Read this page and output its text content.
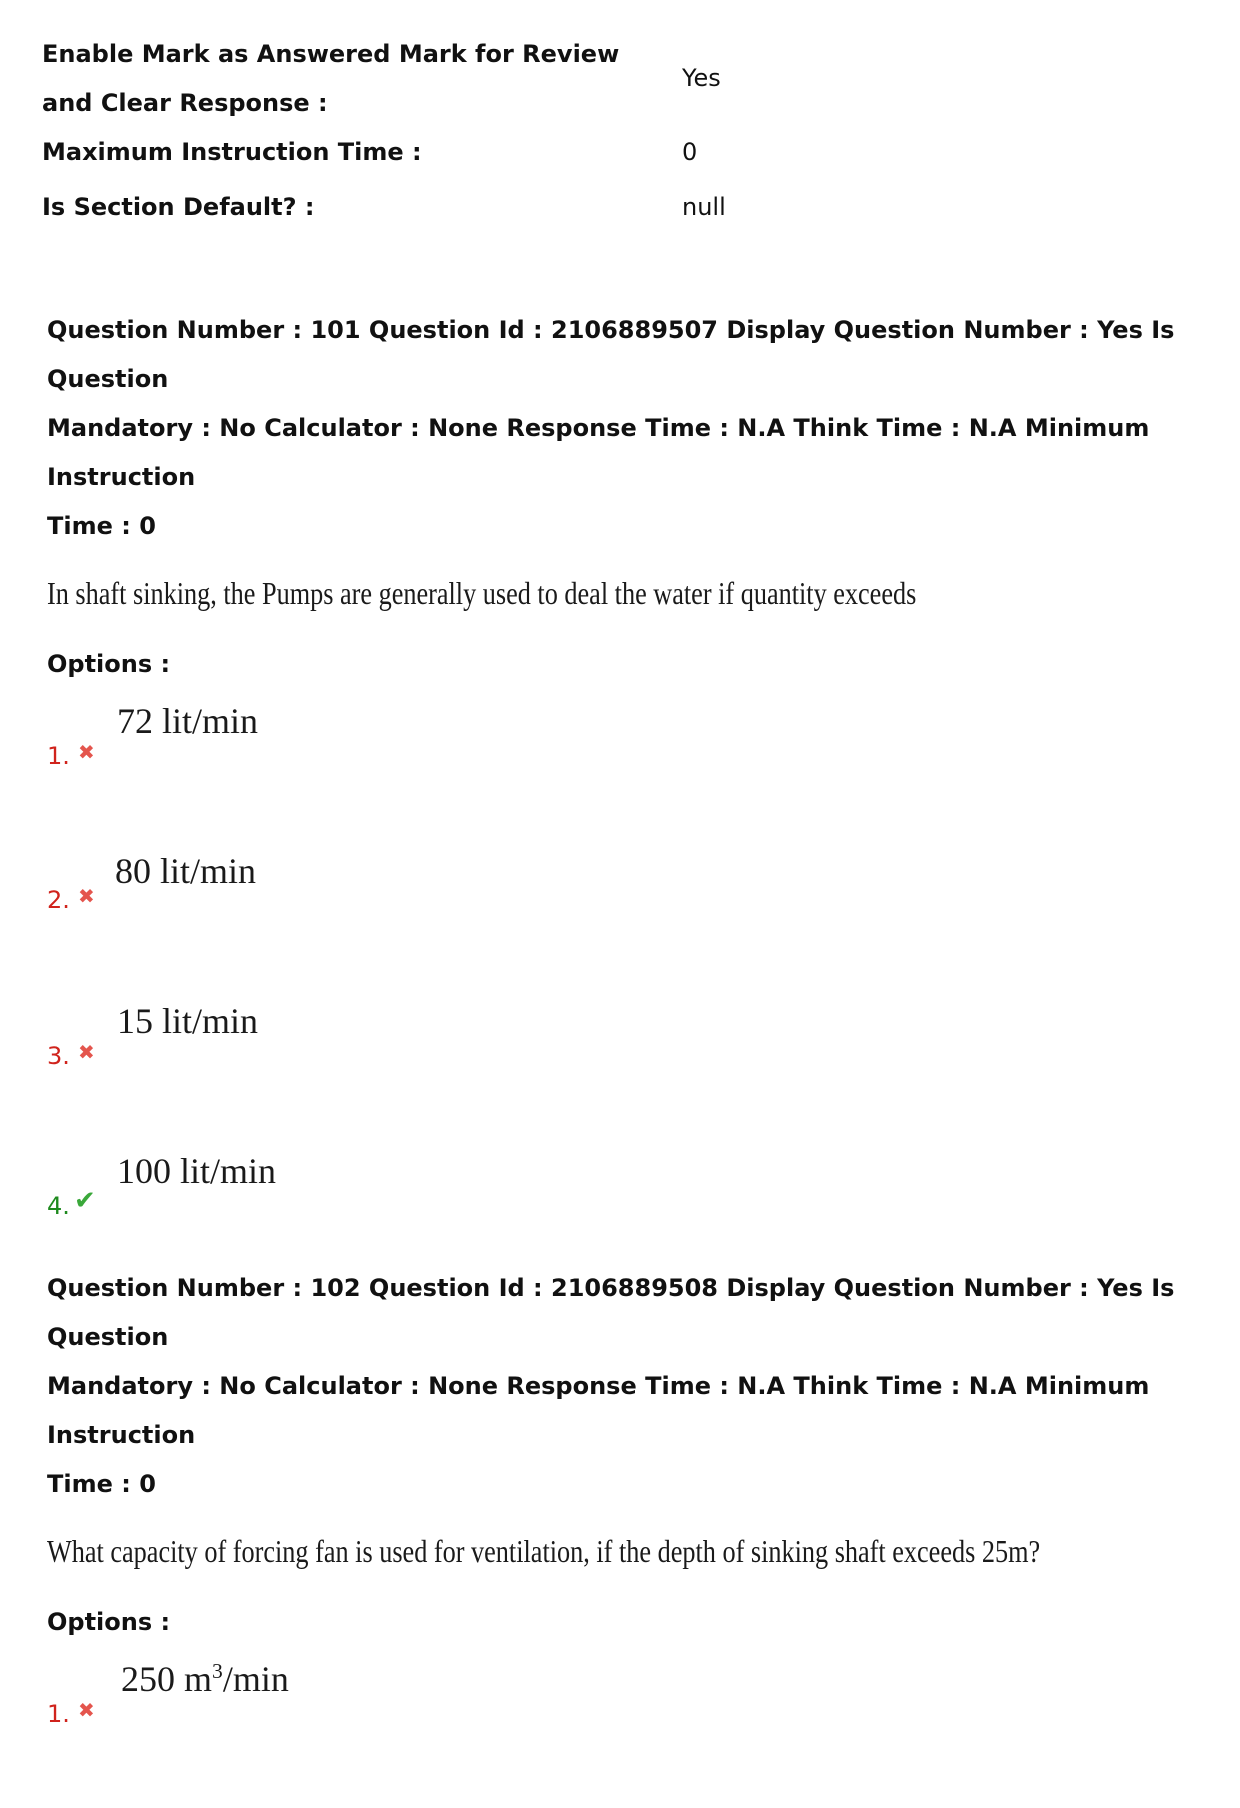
Enable Mark as Answered Mark for Review and Clear Response :
Yes
Maximum Instruction Time :	0
Is Section Default? :	null

Question Number : 101 Question Id : 2106889507 Display Question Number : Yes Is Question

Mandatory : No Calculator : None Response Time : N.A Think Time : N.A Minimum Instruction

Time : 0

In shaft sinking, the Pumps are generally used to deal the water if quantity exceeds
Options :
72 lit/min
1. ✖
80 lit/min
2. ✖
15 lit/min
3. ✖
100 lit/min
4. ✔

Question Number : 102 Question Id : 2106889508 Display Question Number : Yes Is Question

Mandatory : No Calculator : None Response Time : N.A Think Time : N.A Minimum Instruction

Time : 0

What capacity of forcing fan is used for ventilation, if the depth of sinking shaft exceeds 25m?
Options :
250 $m^3/\min$
1. ✖
